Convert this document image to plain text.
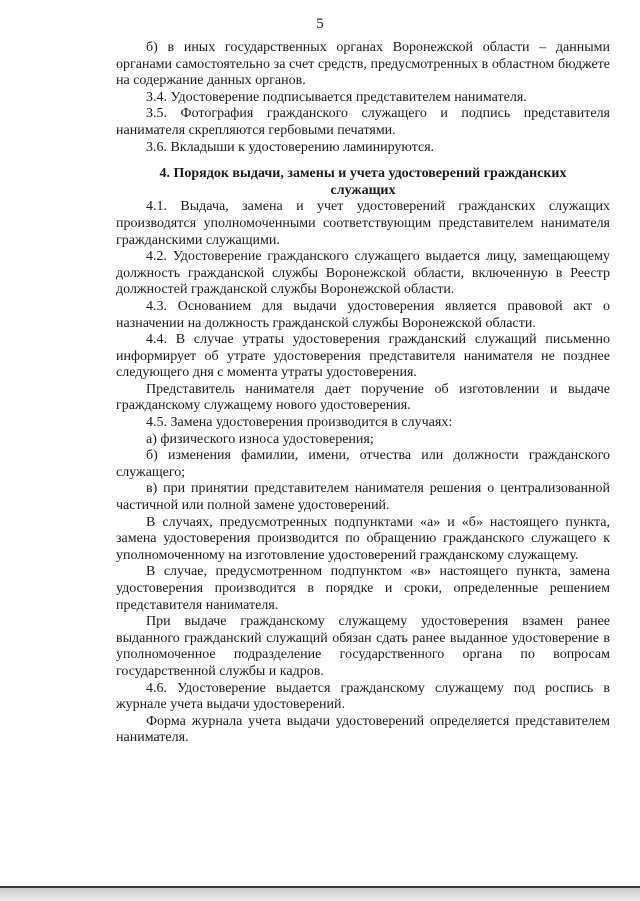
5

б) в иных государственных органах Воронежской области – данными органами самостоятельно за счет средств, предусмотренных в областном бюджете на содержание данных органов.

3.4. Удостоверение подписывается представителем нанимателя.

3.5. Фотография гражданского служащего и подпись представителя нанимателя скрепляются гербовыми печатями.

3.6. Вкладыши к удостоверению ламинируются.

4. Порядок выдачи, замены и учета удостоверений гражданских служащих

4.1. Выдача, замена и учет удостоверений гражданских служащих производятся уполномоченными соответствующим представителем нанимателя гражданскими служащими.

4.2. Удостоверение гражданского служащего выдается лицу, замещающему должность гражданской службы Воронежской области, включенную в Реестр должностей гражданской службы Воронежской области.

4.3. Основанием для выдачи удостоверения является правовой акт о назначении на должность гражданской службы Воронежской области.

4.4. В случае утраты удостоверения гражданский служащий письменно информирует об утрате удостоверения представителя нанимателя не позднее следующего дня с момента утраты удостоверения.

Представитель нанимателя дает поручение об изготовлении и выдаче гражданскому служащему нового удостоверения.

4.5. Замена удостоверения производится в случаях:

а) физического износа удостоверения;

б) изменения фамилии, имени, отчества или должности гражданского служащего;

в) при принятии представителем нанимателя решения о централизованной частичной или полной замене удостоверений.

В случаях, предусмотренных подпунктами «а» и «б» настоящего пункта, замена удостоверения производится по обращению гражданского служащего к уполномоченному на изготовление удостоверений гражданскому служащему.

В случае, предусмотренном подпунктом «в» настоящего пункта, замена удостоверения производится в порядке и сроки, определенные решением представителя нанимателя.

При выдаче гражданскому служащему удостоверения взамен ранее выданного гражданский служащий обязан сдать ранее выданное удостоверение в уполномоченное подразделение государственного органа по вопросам государственной службы и кадров.

4.6. Удостоверение выдается гражданскому служащему под роспись в журнале учета выдачи удостоверений.

Форма журнала учета выдачи удостоверений определяется представителем нанимателя.
